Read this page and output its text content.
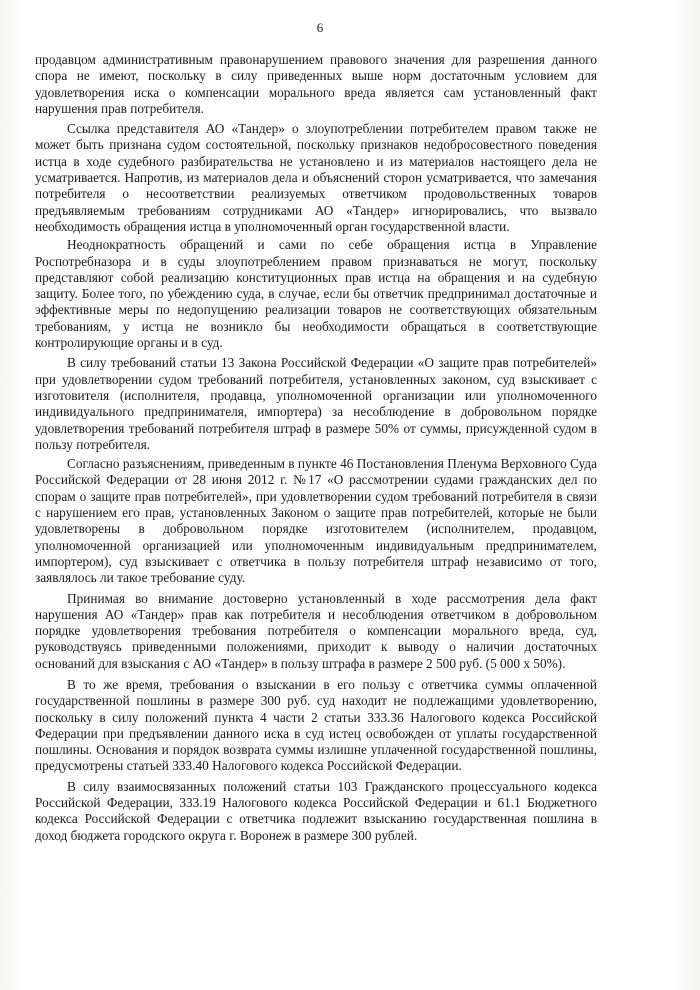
6

продавцом административным правонарушением правового значения для разрешения данного спора не имеют, поскольку в силу приведенных выше норм достаточным условием для удовлетворения иска о компенсации морального вреда является сам установленный факт нарушения прав потребителя.

Ссылка представителя АО «Тандер» о злоупотреблении потребителем правом также не может быть признана судом состоятельной, поскольку признаков недобросовестного поведения истца в ходе судебного разбирательства не установлено и из материалов настоящего дела не усматривается. Напротив, из материалов дела и объяснений сторон усматривается, что замечания потребителя о несоответствии реализуемых ответчиком продовольственных товаров предъявляемым требованиям сотрудниками АО «Тандер» игнорировались, что вызвало необходимость обращения истца в уполномоченный орган государственной власти.

Неоднократность обращений и сами по себе обращения истца в Управление Роспотребназора и в суды злоупотреблением правом признаваться не могут, поскольку представляют собой реализацию конституционных прав истца на обращения и на судебную защиту. Более того, по убеждению суда, в случае, если бы ответчик предпринимал достаточные и эффективные меры по недопущению реализации товаров не соответствующих обязательным требованиям, у истца не возникло бы необходимости обращаться в соответствующие контролирующие органы и в суд.

В силу требований статьи 13 Закона Российской Федерации «О защите прав потребителей» при удовлетворении судом требований потребителя, установленных законом, суд взыскивает с изготовителя (исполнителя, продавца, уполномоченной организации или уполномоченного индивидуального предпринимателя, импортера) за несоблюдение в добровольном порядке удовлетворения требований потребителя штраф в размере 50% от суммы, присужденной судом в пользу потребителя.

Согласно разъяснениям, приведенным в пункте 46 Постановления Пленума Верховного Суда Российской Федерации от 28 июня 2012 г. №17 «О рассмотрении судами гражданских дел по спорам о защите прав потребителей», при удовлетворении судом требований потребителя в связи с нарушением его прав, установленных Законом о защите прав потребителей, которые не были удовлетворены в добровольном порядке изготовителем (исполнителем, продавцом, уполномоченной организацией или уполномоченным индивидуальным предпринимателем, импортером), суд взыскивает с ответчика в пользу потребителя штраф независимо от того, заявлялось ли такое требование суду.

Принимая во внимание достоверно установленный в ходе рассмотрения дела факт нарушения АО «Тандер» прав как потребителя и несоблюдения ответчиком в добровольном порядке удовлетворения требования потребителя о компенсации морального вреда, суд, руководствуясь приведенными положениями, приходит к выводу о наличии достаточных оснований для взыскания с АО «Тандер» в пользу штрафа в размере 2 500 руб. (5 000 х 50%).

В то же время, требования о взыскании в его пользу с ответчика суммы оплаченной государственной пошлины в размере 300 руб. суд находит не подлежащими удовлетворению, поскольку в силу положений пункта 4 части 2 статьи 333.36 Налогового кодекса Российской Федерации при предъявлении данного иска в суд истец освобожден от уплаты государственной пошлины. Основания и порядок возврата суммы излишне уплаченной государственной пошлины, предусмотрены статьей 333.40 Налогового кодекса Российской Федерации.

В силу взаимосвязанных положений статьи 103 Гражданского процессуального кодекса Российской Федерации, 333.19 Налогового кодекса Российской Федерации и 61.1 Бюджетного кодекса Российской Федерации с ответчика подлежит взысканию государственная пошлина в доход бюджета городского округа г. Воронеж в размере 300 рублей.
